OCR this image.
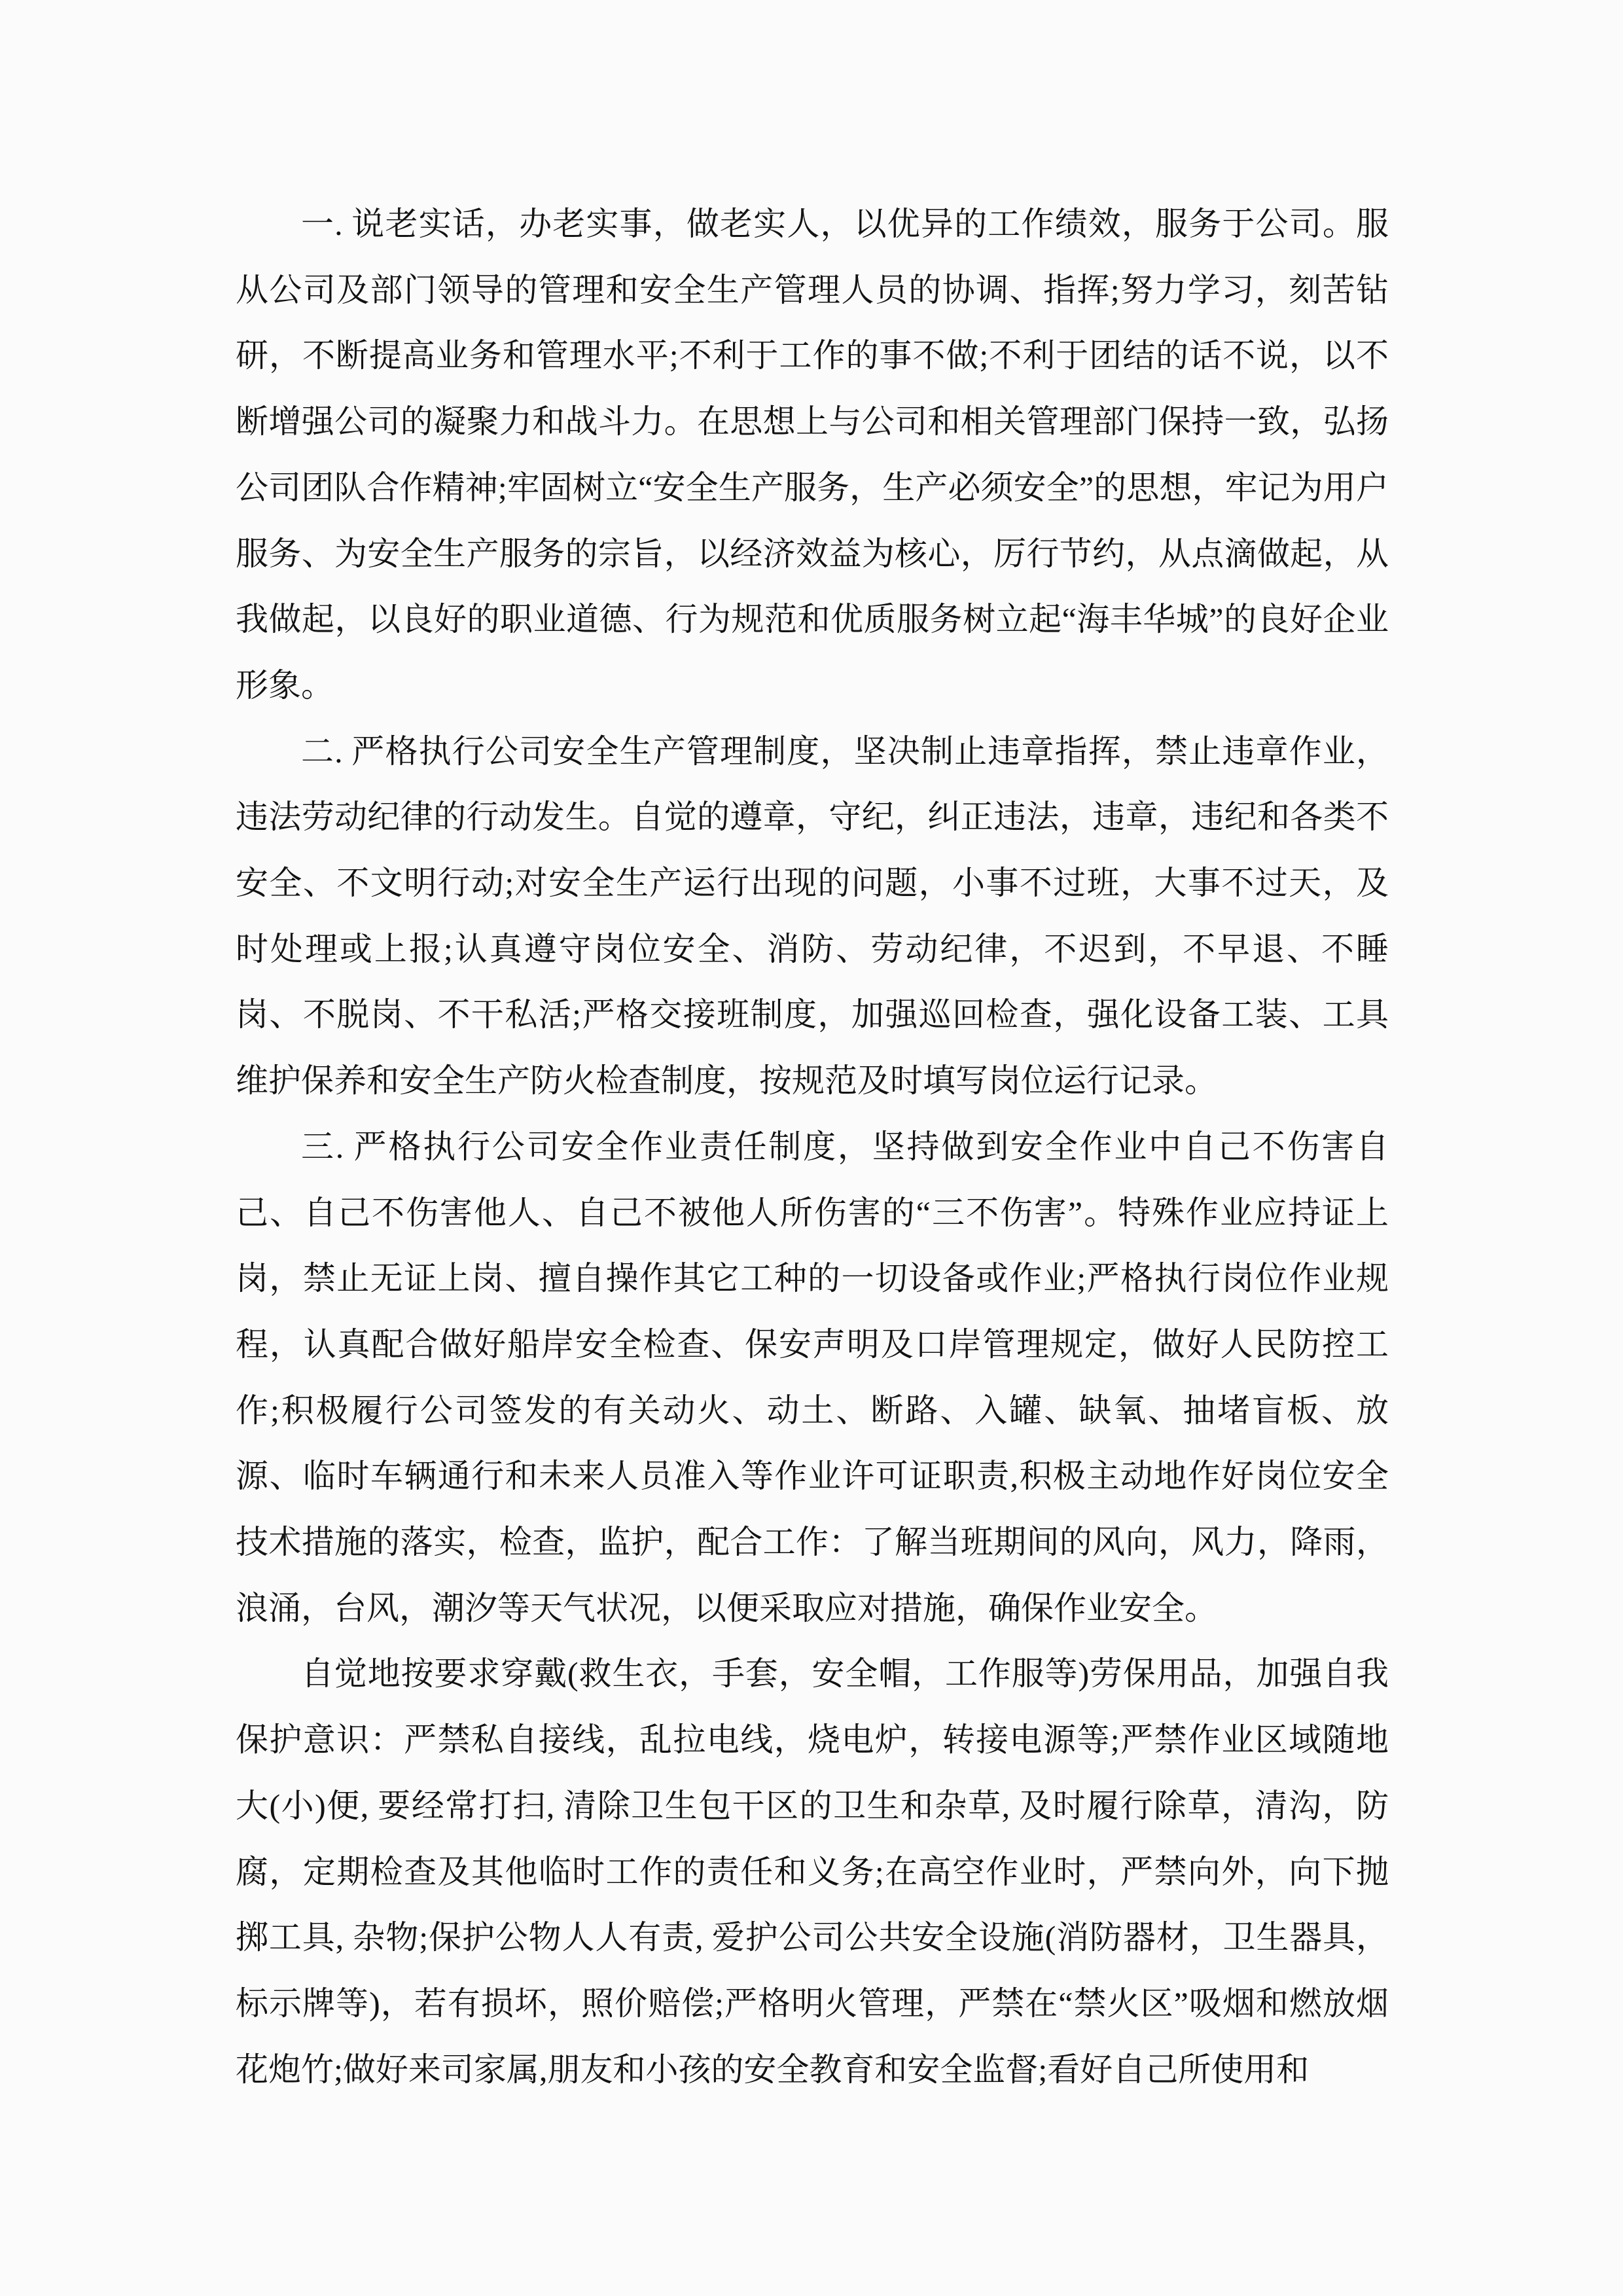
一. 说老实话，办老实事，做老实人，以优异的工作绩效，服务于公司。服从公司及部门领导的管理和安全生产管理人员的协调、指挥;努力学习，刻苦钻研，不断提高业务和管理水平;不利于工作的事不做;不利于团结的话不说，以不断增强公司的凝聚力和战斗力。在思想上与公司和相关管理部门保持一致，弘扬公司团队合作精神;牢固树立“安全生产服务，生产必须安全”的思想，牢记为用户服务、为安全生产服务的宗旨，以经济效益为核心，厉行节约，从点滴做起，从我做起，以良好的职业道德、行为规范和优质服务树立起“海丰华城”的良好企业形象。

二. 严格执行公司安全生产管理制度，坚决制止违章指挥，禁止违章作业，违法劳动纪律的行动发生。自觉的遵章，守纪，纠正违法，违章，违纪和各类不安全、不文明行动;对安全生产运行出现的问题，小事不过班，大事不过天，及时处理或上报;认真遵守岗位安全、消防、劳动纪律，不迟到，不早退、不睡岗、不脱岗、不干私活;严格交接班制度，加强巡回检查，强化设备工装、工具维护保养和安全生产防火检查制度，按规范及时填写岗位运行记录。

三. 严格执行公司安全作业责任制度，坚持做到安全作业中自己不伤害自己、自己不伤害他人、自己不被他人所伤害的“三不伤害”。特殊作业应持证上岗，禁止无证上岗、擅自操作其它工种的一切设备或作业;严格执行岗位作业规程，认真配合做好船岸安全检查、保安声明及口岸管理规定，做好人民防控工作;积极履行公司签发的有关动火、动土、断路、入罐、缺氧、抽堵盲板、放源、临时车辆通行和未来人员准入等作业许可证职责,积极主动地作好岗位安全技术措施的落实，检查，监护，配合工作：了解当班期间的风向，风力，降雨，浪涌，台风，潮汐等天气状况，以便采取应对措施，确保作业安全。

自觉地按要求穿戴(救生衣，手套，安全帽，工作服等)劳保用品，加强自我保护意识：严禁私自接线，乱拉电线，烧电炉，转接电源等;严禁作业区域随地大(小)便, 要经常打扫, 清除卫生包干区的卫生和杂草, 及时履行除草，清沟，防腐，定期检查及其他临时工作的责任和义务;在高空作业时，严禁向外，向下抛掷工具, 杂物;保护公物人人有责, 爱护公司公共安全设施(消防器材，卫生器具，标示牌等)，若有损坏，照价赔偿;严格明火管理，严禁在“禁火区”吸烟和燃放烟花炮竹;做好来司家属,朋友和小孩的安全教育和安全监督;看好自己所使用和
